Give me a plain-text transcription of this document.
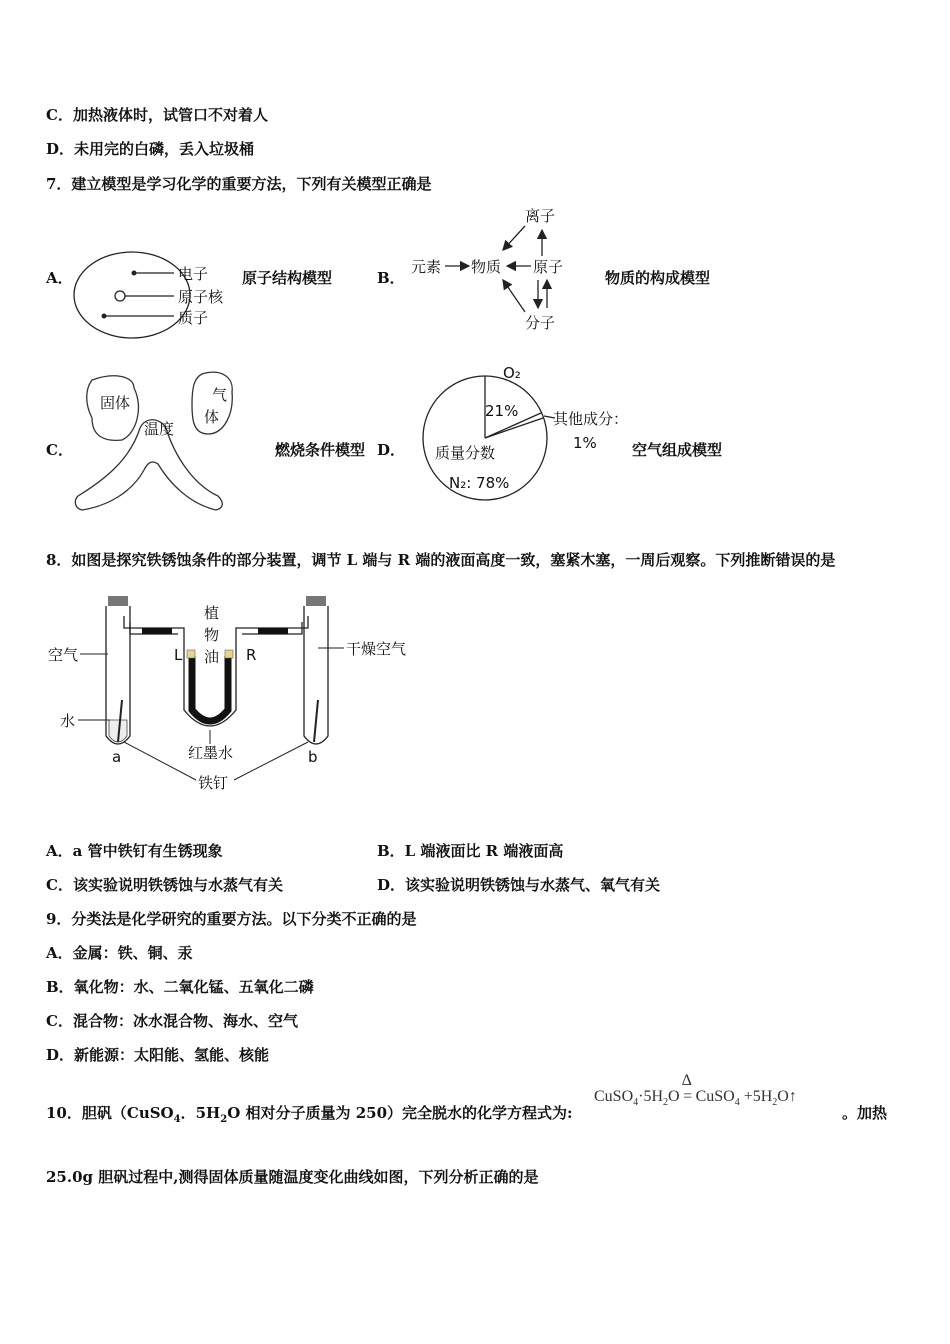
C．加热液体时，试管口不对着人
D．未用完的白磷，丢入垃圾桶
7．建立模型是学习化学的重要方法，下列有关模型正确是
A．	电子
原子核
质子
原子结构模型	B．
离子
元素 物质 原子
分子
物质的构成模型
C．
固体	气
体
温度
燃烧条件模型 D．
O₂
21% 其他成分：
1%
质量分数
N₂: 78%
空气组成模型
8．如图是探究铁锈蚀条件的部分装置，调节 L 端与 R 端的液面高度一致，塞紧木塞，一周后观察。下列推断错误的是
植
物
油
空气	干燥空气
L	R
水
a	b
红墨水
铁钉
A．a 管中铁钉有生锈现象	B．L 端液面比 R 端液面高
C．该实验说明铁锈蚀与水蒸气有关	D．该实验说明铁锈蚀与水蒸气、氧气有关
9．分类法是化学研究的重要方法。以下分类不正确的是
A．金属：铁、铜、汞
B．氧化物：水、二氧化锰、五氧化二磷
C．混合物：冰水混合物、海水、空气
D．新能源：太阳能、氢能、核能
10．胆矾（CuSO$_4$．$5H_2O$ 相对分子质量为 250）完全脱水的化学方程式为:
$CuSO_4\cdot 5H_2O$
Δ
= CuSO$_4$ $+5H_2O↑$
。加热
25.0g 胆矾过程中,测得固体质量随温度变化曲线如图，下列分析正确的是
